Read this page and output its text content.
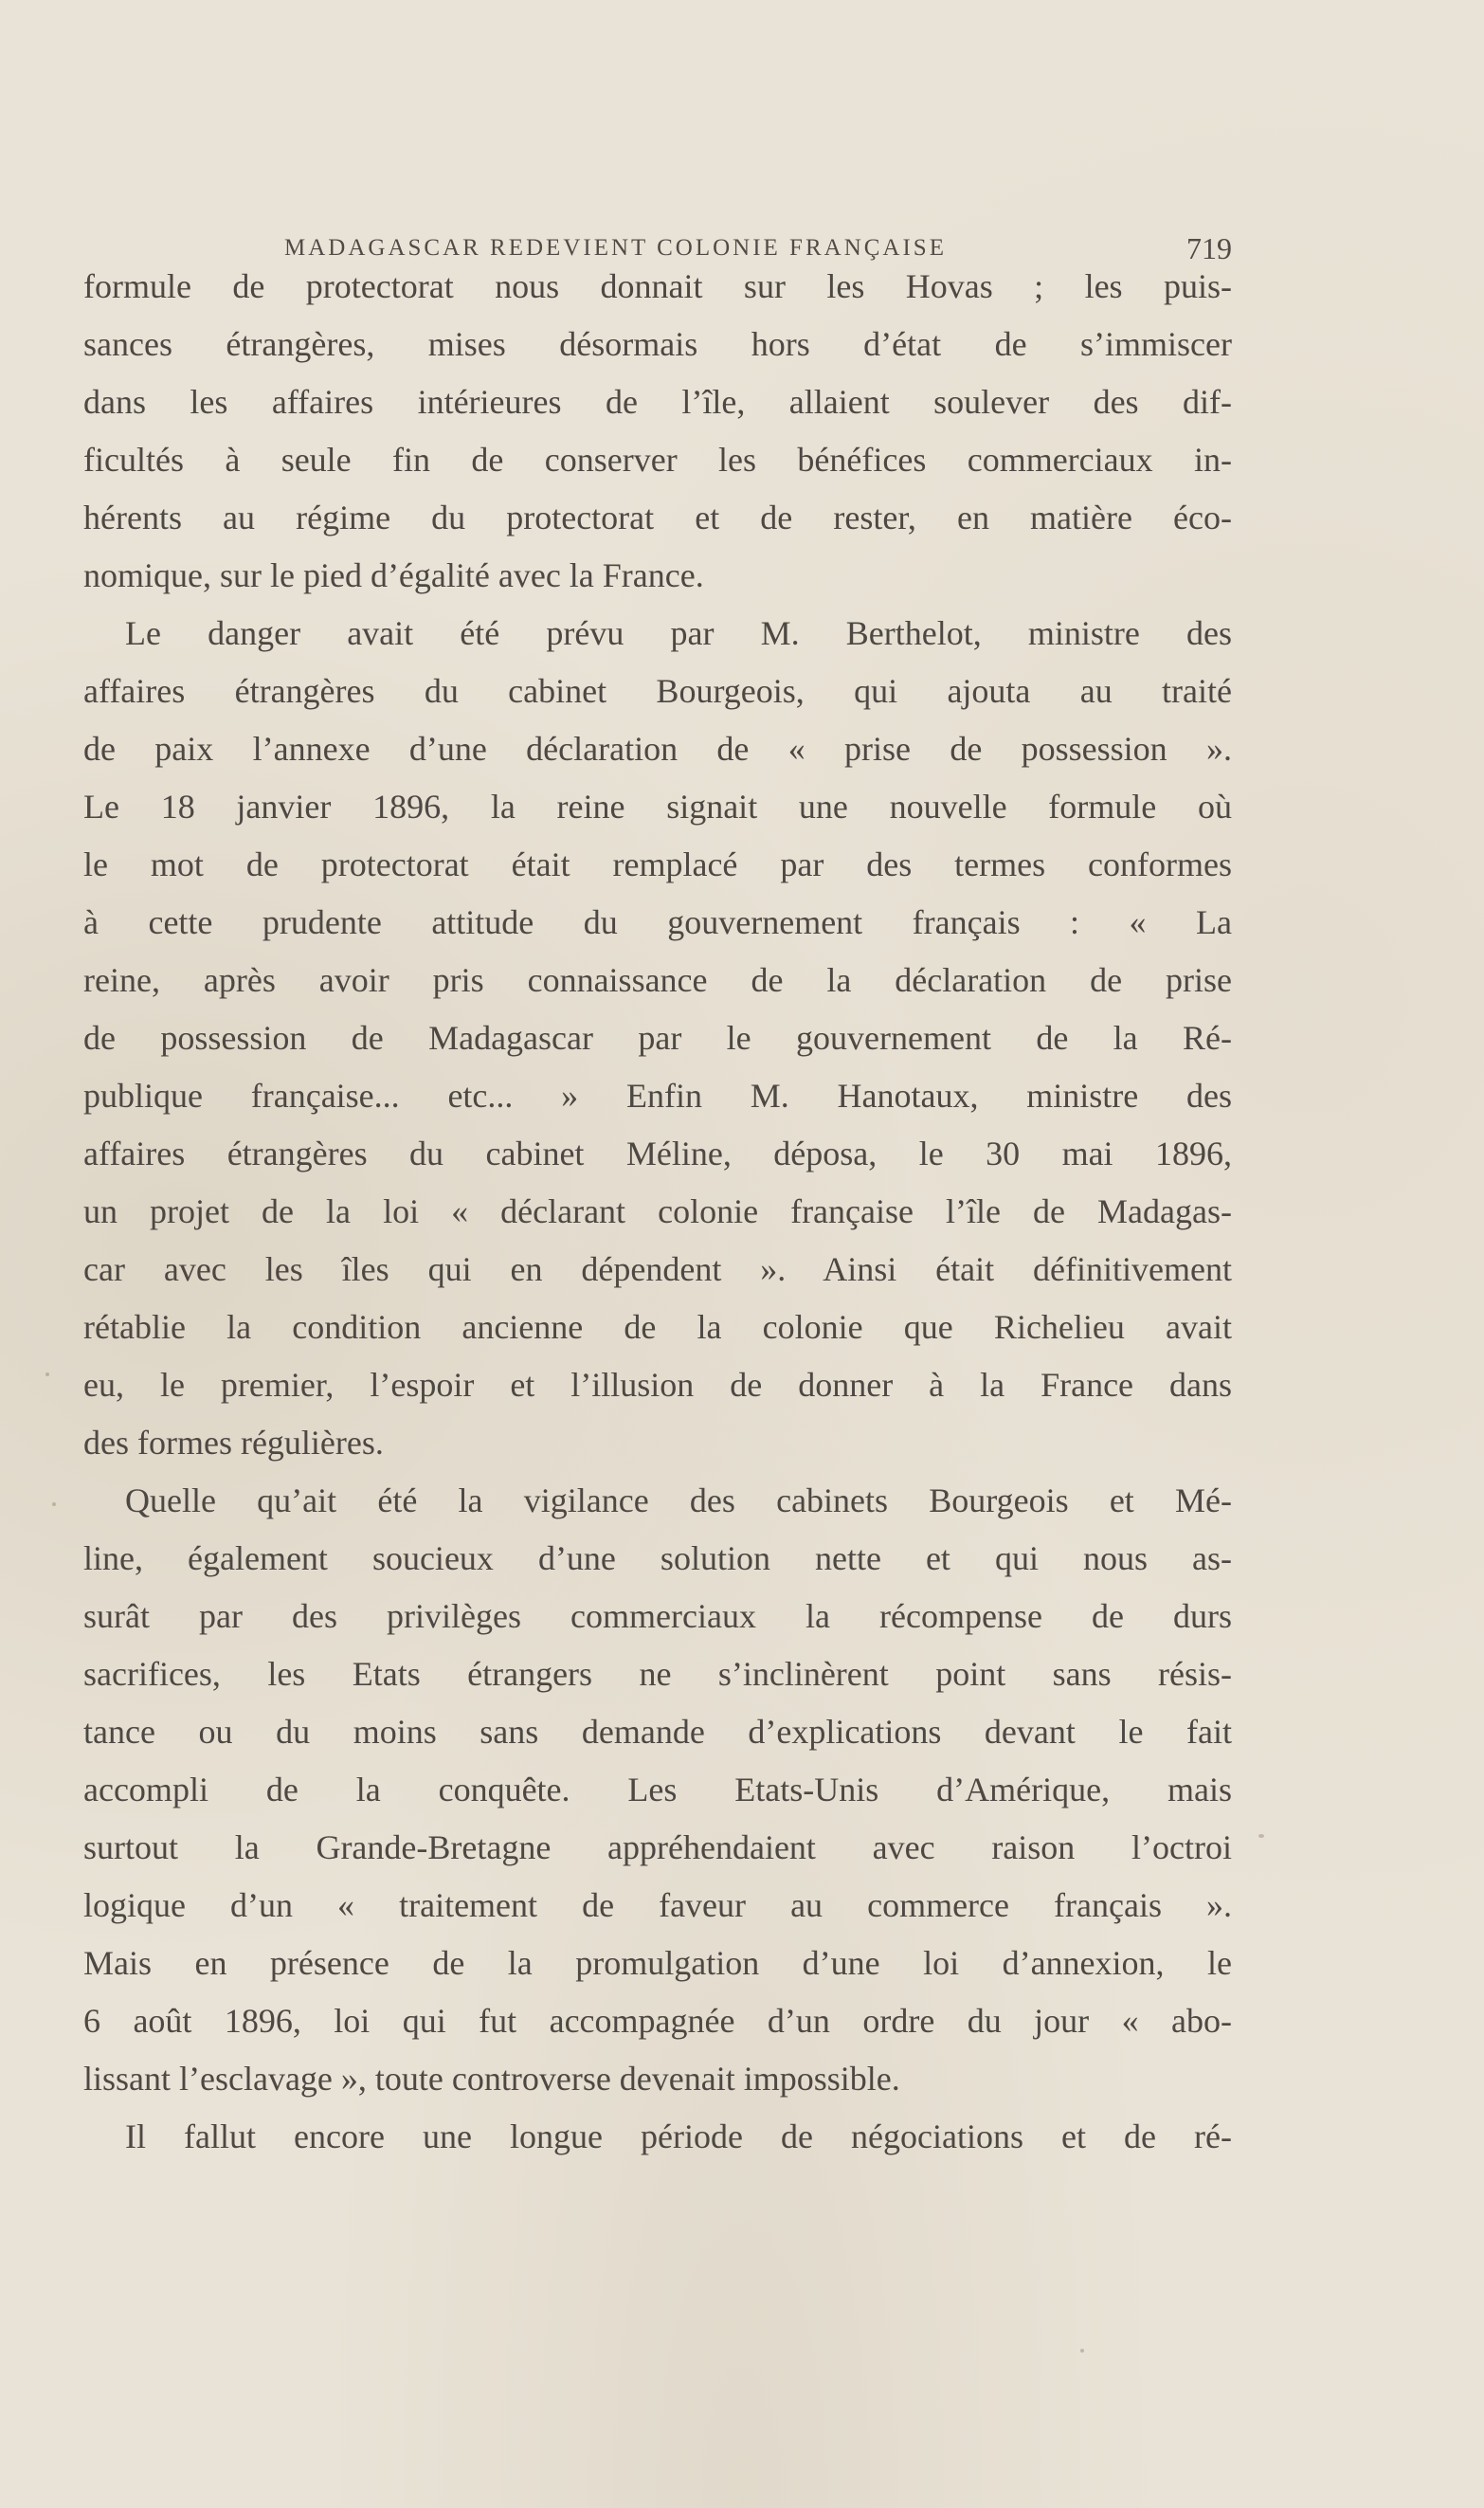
MADAGASCAR REDEVIENT COLONIE FRANÇAISE	719
formule de protectorat nous donnait sur les Hovas ; les puis-
sances étrangères, mises désormais hors d’état de s’immiscer
dans les affaires intérieures de l’île, allaient soulever des dif-
ficultés à seule fin de conserver les bénéfices commerciaux in-
hérents au régime du protectorat et de rester, en matière éco-
nomique, sur le pied d’égalité avec la France.
Le danger avait été prévu par M. Berthelot, ministre des
affaires étrangères du cabinet Bourgeois, qui ajouta au traité
de paix l’annexe d’une déclaration de « prise de possession ».
Le 18 janvier 1896, la reine signait une nouvelle formule où
le mot de protectorat était remplacé par des termes conformes
à cette prudente attitude du gouvernement français : « La
reine, après avoir pris connaissance de la déclaration de prise
de possession de Madagascar par le gouvernement de la Ré-
publique française... etc... » Enfin M. Hanotaux, ministre des
affaires étrangères du cabinet Méline, déposa, le 30 mai 1896,
un projet de la loi « déclarant colonie française l’île de Madagas-
car avec les îles qui en dépendent ». Ainsi était définitivement
rétablie la condition ancienne de la colonie que Richelieu avait
eu, le premier, l’espoir et l’illusion de donner à la France dans
des formes régulières.
Quelle qu’ait été la vigilance des cabinets Bourgeois et Mé-
line, également soucieux d’une solution nette et qui nous as-
surât par des privilèges commerciaux la récompense de durs
sacrifices, les Etats étrangers ne s’inclinèrent point sans résis-
tance ou du moins sans demande d’explications devant le fait
accompli de la conquête. Les Etats-Unis d’Amérique, mais
surtout la Grande-Bretagne appréhendaient avec raison l’octroi
logique d’un « traitement de faveur au commerce français ».
Mais en présence de la promulgation d’une loi d’annexion, le
6 août 1896, loi qui fut accompagnée d’un ordre du jour « abo-
lissant l’esclavage », toute controverse devenait impossible.
Il fallut encore une longue période de négociations et de ré-
